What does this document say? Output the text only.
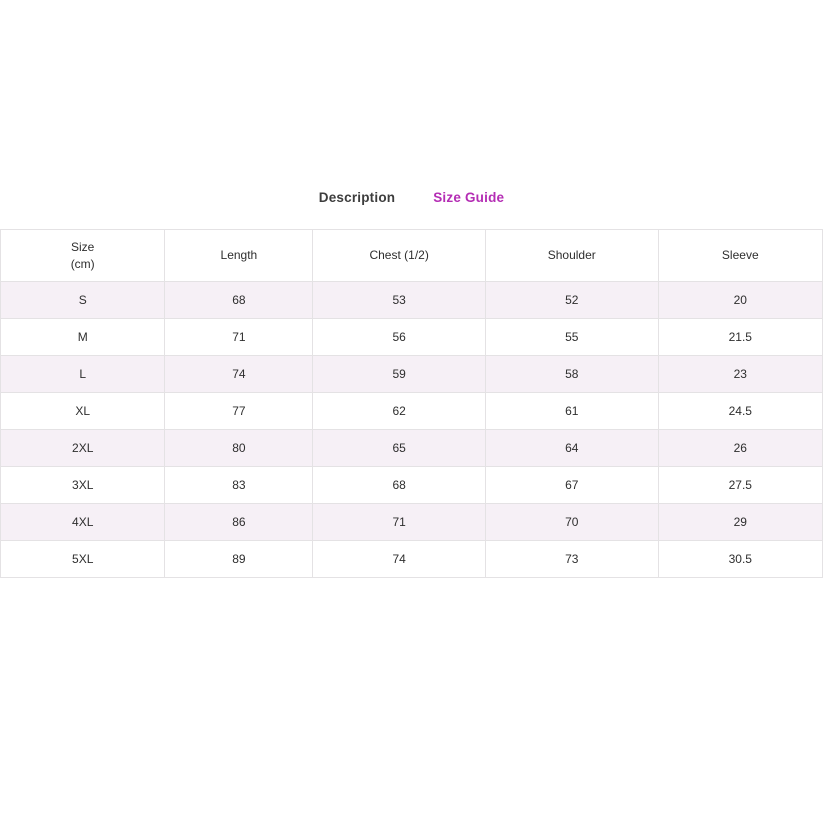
Description	Size Guide
Size
(cm)	Length	Chest (1/2)	Shoulder	Sleeve
S	68	53	52	20
M	71	56	55	21.5
L	74	59	58	23
XL	77	62	61	24.5
2XL	80	65	64	26
3XL	83	68	67	27.5
4XL	86	71	70	29
5XL	89	74	73	30.5
